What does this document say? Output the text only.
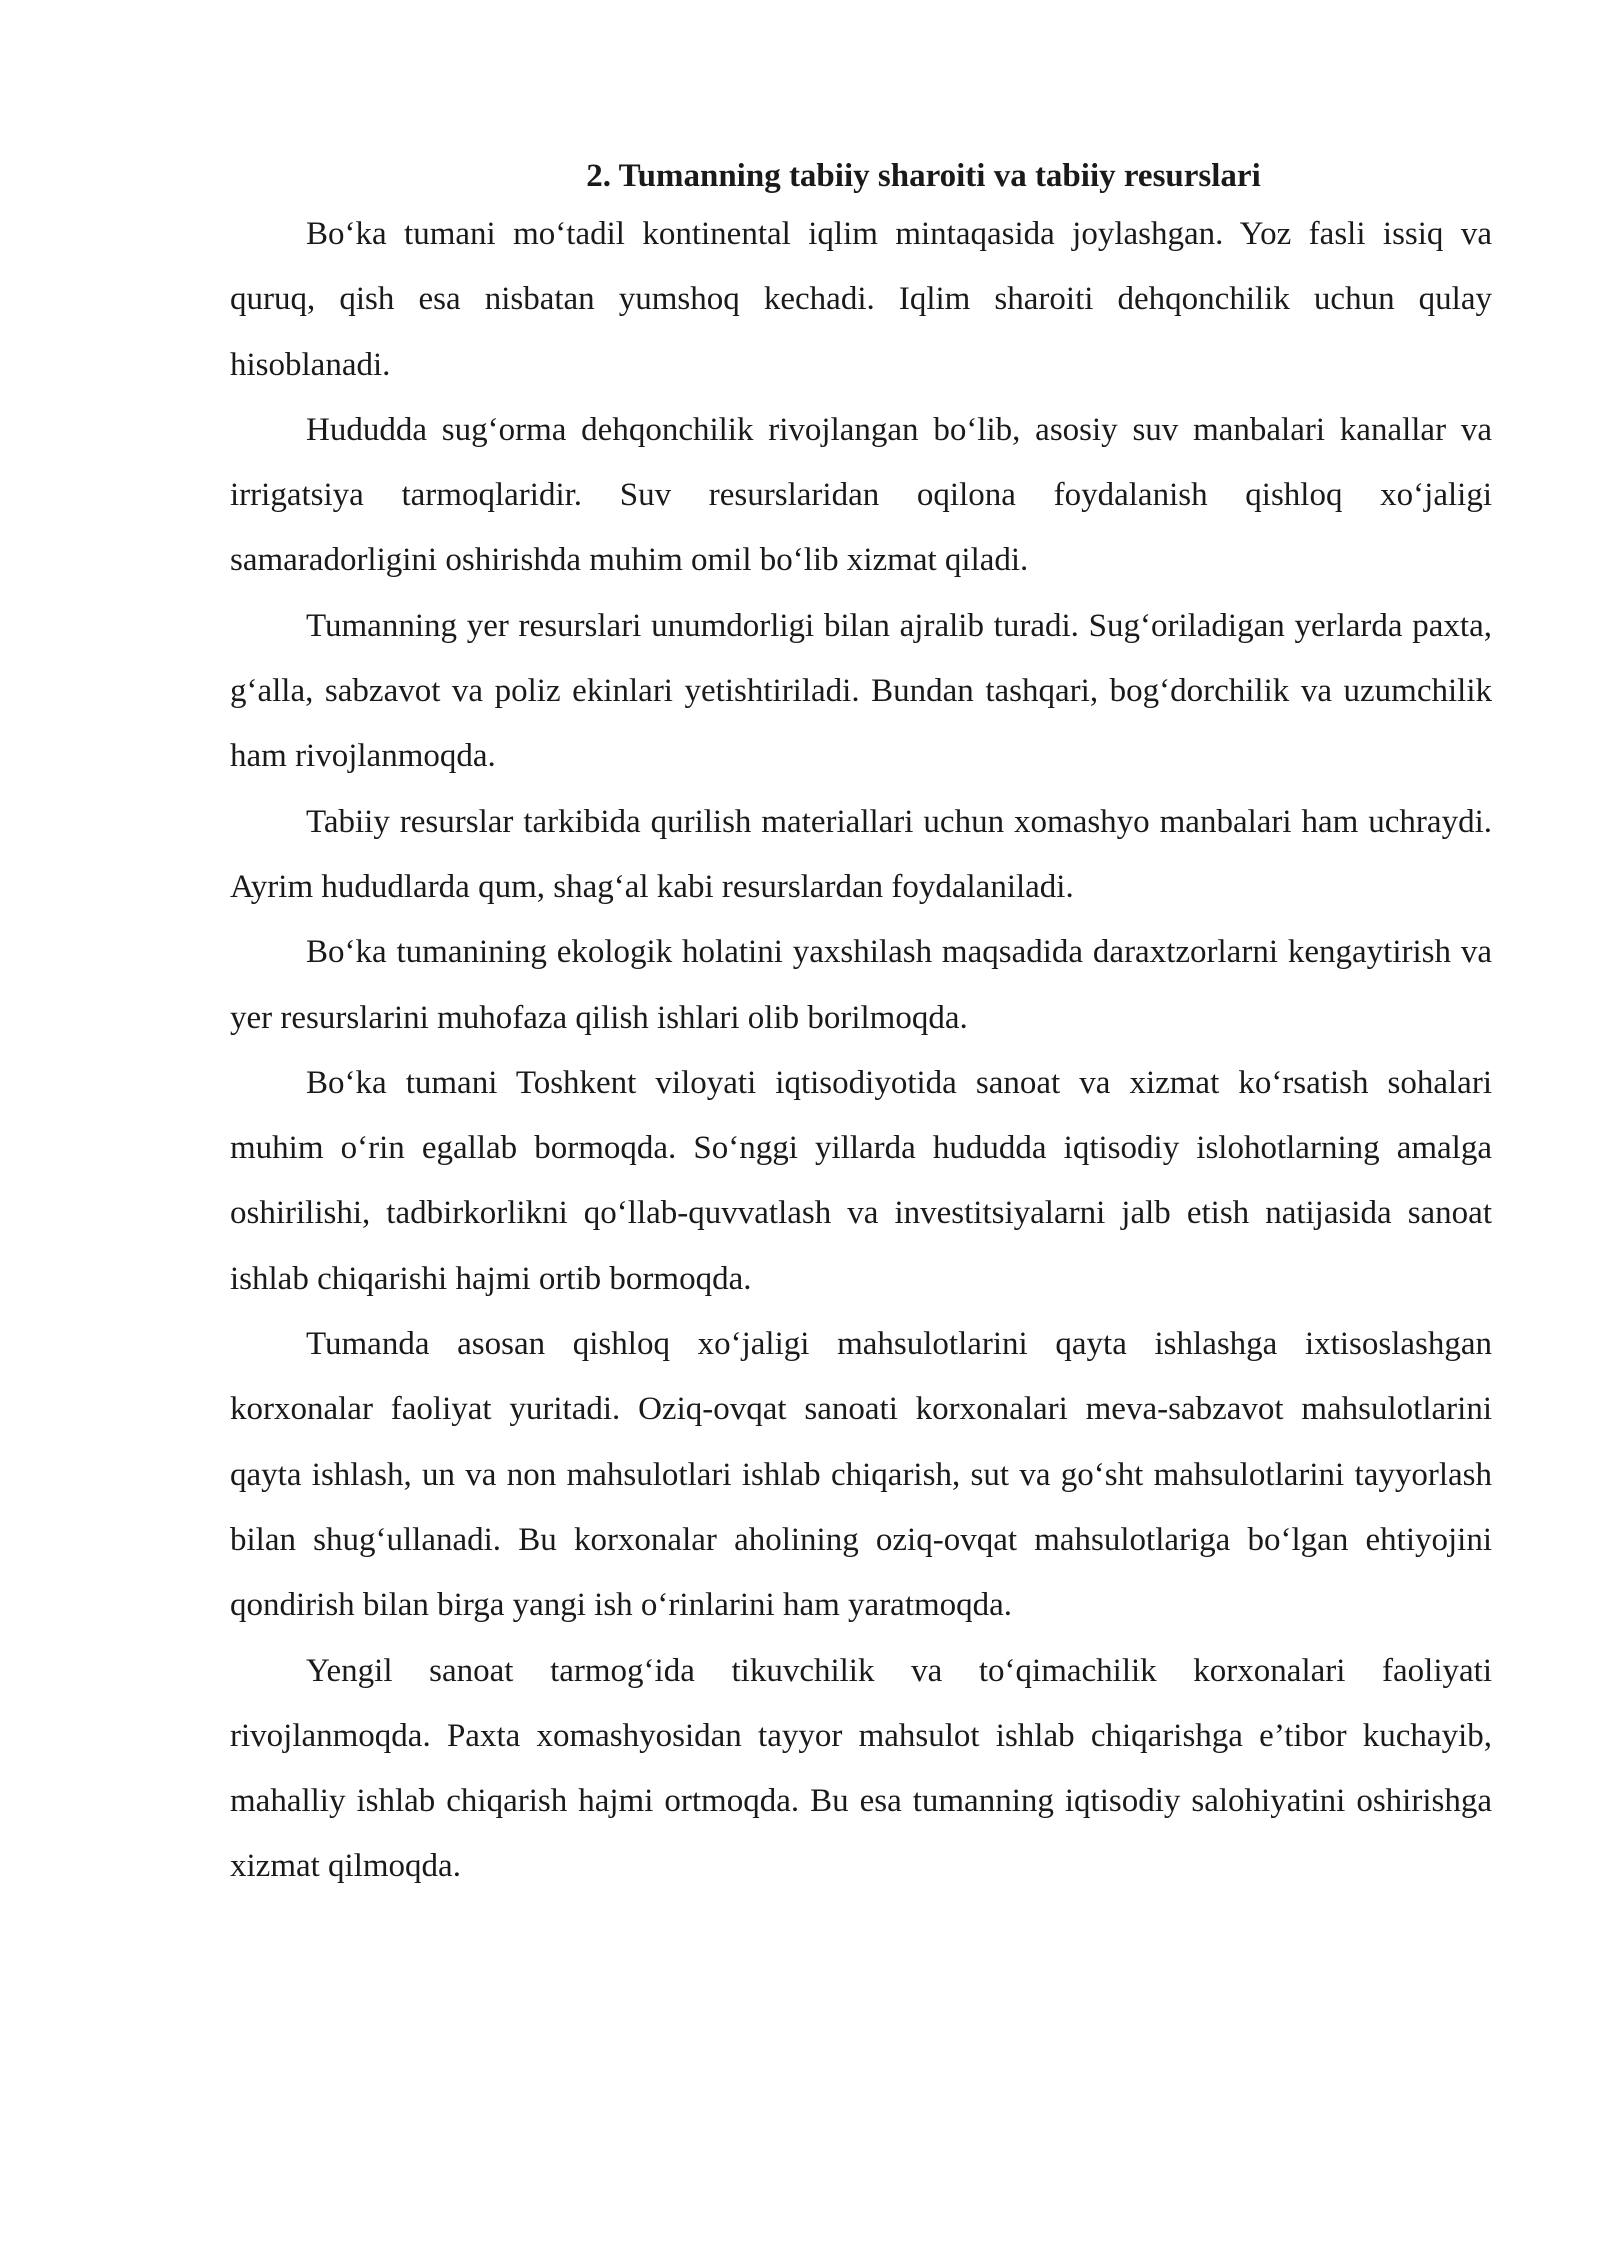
2. Tumanning tabiiy sharoiti va tabiiy resurslari

Bo‘ka tumani mo‘tadil kontinental iqlim mintaqasida joylashgan. Yoz fasli issiq va quruq, qish esa nisbatan yumshoq kechadi. Iqlim sharoiti dehqonchilik uchun qulay hisoblanadi.

Hududda sug‘orma dehqonchilik rivojlangan bo‘lib, asosiy suv manbalari kanallar va irrigatsiya tarmoqlaridir. Suv resurslaridan oqilona foydalanish qishloq xo‘jaligi samaradorligini oshirishda muhim omil bo‘lib xizmat qiladi.

Tumanning yer resurslari unumdorligi bilan ajralib turadi. Sug‘oriladigan yerlarda paxta, g‘alla, sabzavot va poliz ekinlari yetishtiriladi. Bundan tashqari, bog‘dorchilik va uzumchilik ham rivojlanmoqda.

Tabiiy resurslar tarkibida qurilish materiallari uchun xomashyo manbalari ham uchraydi. Ayrim hududlarda qum, shag‘al kabi resurslardan foydalaniladi.

Bo‘ka tumanining ekologik holatini yaxshilash maqsadida daraxtzorlarni kengaytirish va yer resurslarini muhofaza qilish ishlari olib borilmoqda.

Bo‘ka tumani Toshkent viloyati iqtisodiyotida sanoat va xizmat ko‘rsatish sohalari muhim o‘rin egallab bormoqda. So‘nggi yillarda hududda iqtisodiy islohotlarning amalga oshirilishi, tadbirkorlikni qo‘llab-quvvatlash va investitsiyalarni jalb etish natijasida sanoat ishlab chiqarishi hajmi ortib bormoqda.

Tumanda asosan qishloq xo‘jaligi mahsulotlarini qayta ishlashga ixtisoslashgan korxonalar faoliyat yuritadi. Oziq-ovqat sanoati korxonalari meva-sabzavot mahsulotlarini qayta ishlash, un va non mahsulotlari ishlab chiqarish, sut va go‘sht mahsulotlarini tayyorlash bilan shug‘ullanadi. Bu korxonalar aholining oziq-ovqat mahsulotlariga bo‘lgan ehtiyojini qondirish bilan birga yangi ish o‘rinlarini ham yaratmoqda.

Yengil sanoat tarmog‘ida tikuvchilik va to‘qimachilik korxonalari faoliyati rivojlanmoqda. Paxta xomashyosidan tayyor mahsulot ishlab chiqarishga e’tibor kuchayib, mahalliy ishlab chiqarish hajmi ortmoqda. Bu esa tumanning iqtisodiy salohiyatini oshirishga xizmat qilmoqda.
